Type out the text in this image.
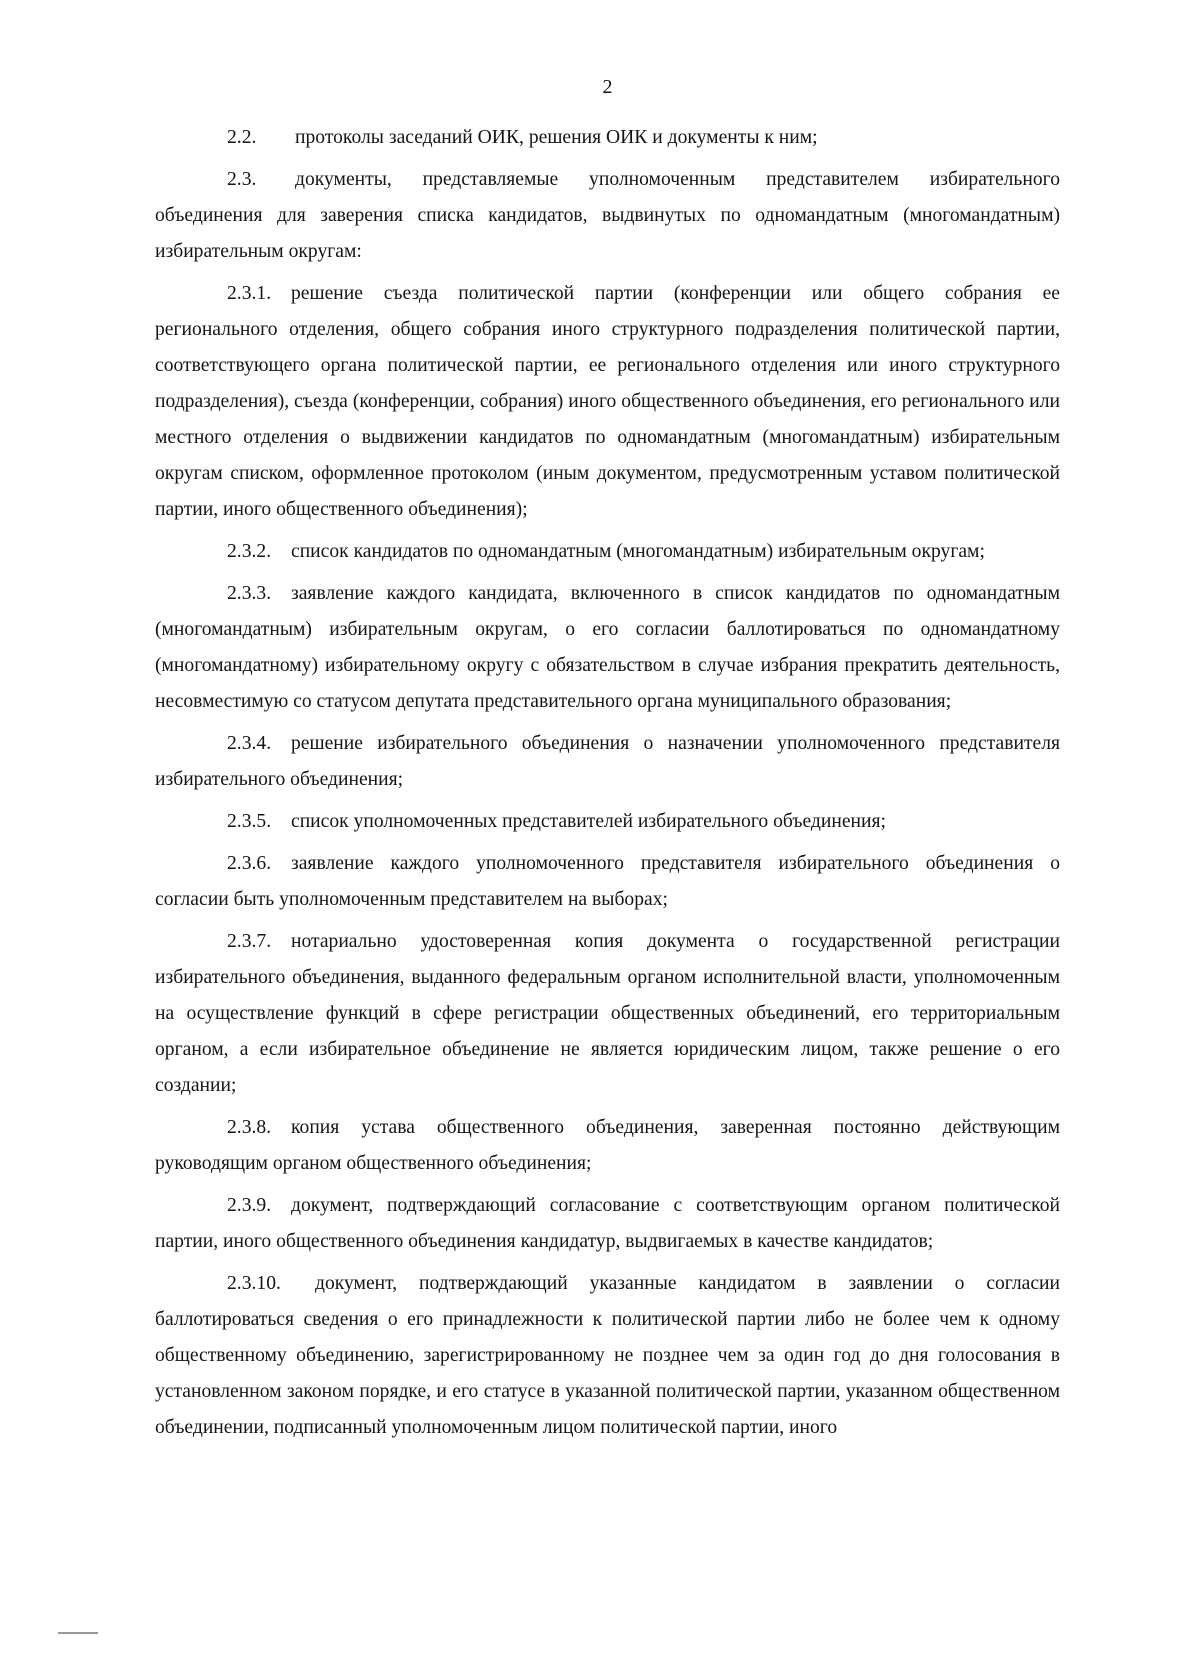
2

2.2. протоколы заседаний ОИК, решения ОИК и документы к ним;

2.3. документы, представляемые уполномоченным представителем избирательного объединения для заверения списка кандидатов, выдвинутых по одномандатным (многомандатным) избирательным округам:

2.3.1. решение съезда политической партии (конференции или общего собрания ее регионального отделения, общего собрания иного структурного подразделения политической партии, соответствующего органа политической партии, ее регионального отделения или иного структурного подразделения), съезда (конференции, собрания) иного общественного объединения, его регионального или местного отделения о выдвижении кандидатов по одномандатным (многомандатным) избирательным округам списком, оформленное протоколом (иным документом, предусмотренным уставом политической партии, иного общественного объединения);

2.3.2. список кандидатов по одномандатным (многомандатным) избирательным округам;

2.3.3. заявление каждого кандидата, включенного в список кандидатов по одномандатным (многомандатным) избирательным округам, о его согласии баллотироваться по одномандатному (многомандатному) избирательному округу с обязательством в случае избрания прекратить деятельность, несовместимую со статусом депутата представительного органа муниципального образования;

2.3.4. решение избирательного объединения о назначении уполномоченного представителя избирательного объединения;

2.3.5. список уполномоченных представителей избирательного объединения;

2.3.6. заявление каждого уполномоченного представителя избирательного объединения о согласии быть уполномоченным представителем на выборах;

2.3.7. нотариально удостоверенная копия документа о государственной регистрации избирательного объединения, выданного федеральным органом исполнительной власти, уполномоченным на осуществление функций в сфере регистрации общественных объединений, его территориальным органом, а если избирательное объединение не является юридическим лицом, также решение о его создании;

2.3.8. копия устава общественного объединения, заверенная постоянно действующим руководящим органом общественного объединения;

2.3.9. документ, подтверждающий согласование с соответствующим органом политической партии, иного общественного объединения кандидатур, выдвигаемых в качестве кандидатов;

2.3.10. документ, подтверждающий указанные кандидатом в заявлении о согласии баллотироваться сведения о его принадлежности к политической партии либо не более чем к одному общественному объединению, зарегистрированному не позднее чем за один год до дня голосования в установленном законом порядке, и его статусе в указанной политической партии, указанном общественном объединении, подписанный уполномоченным лицом политической партии, иного
